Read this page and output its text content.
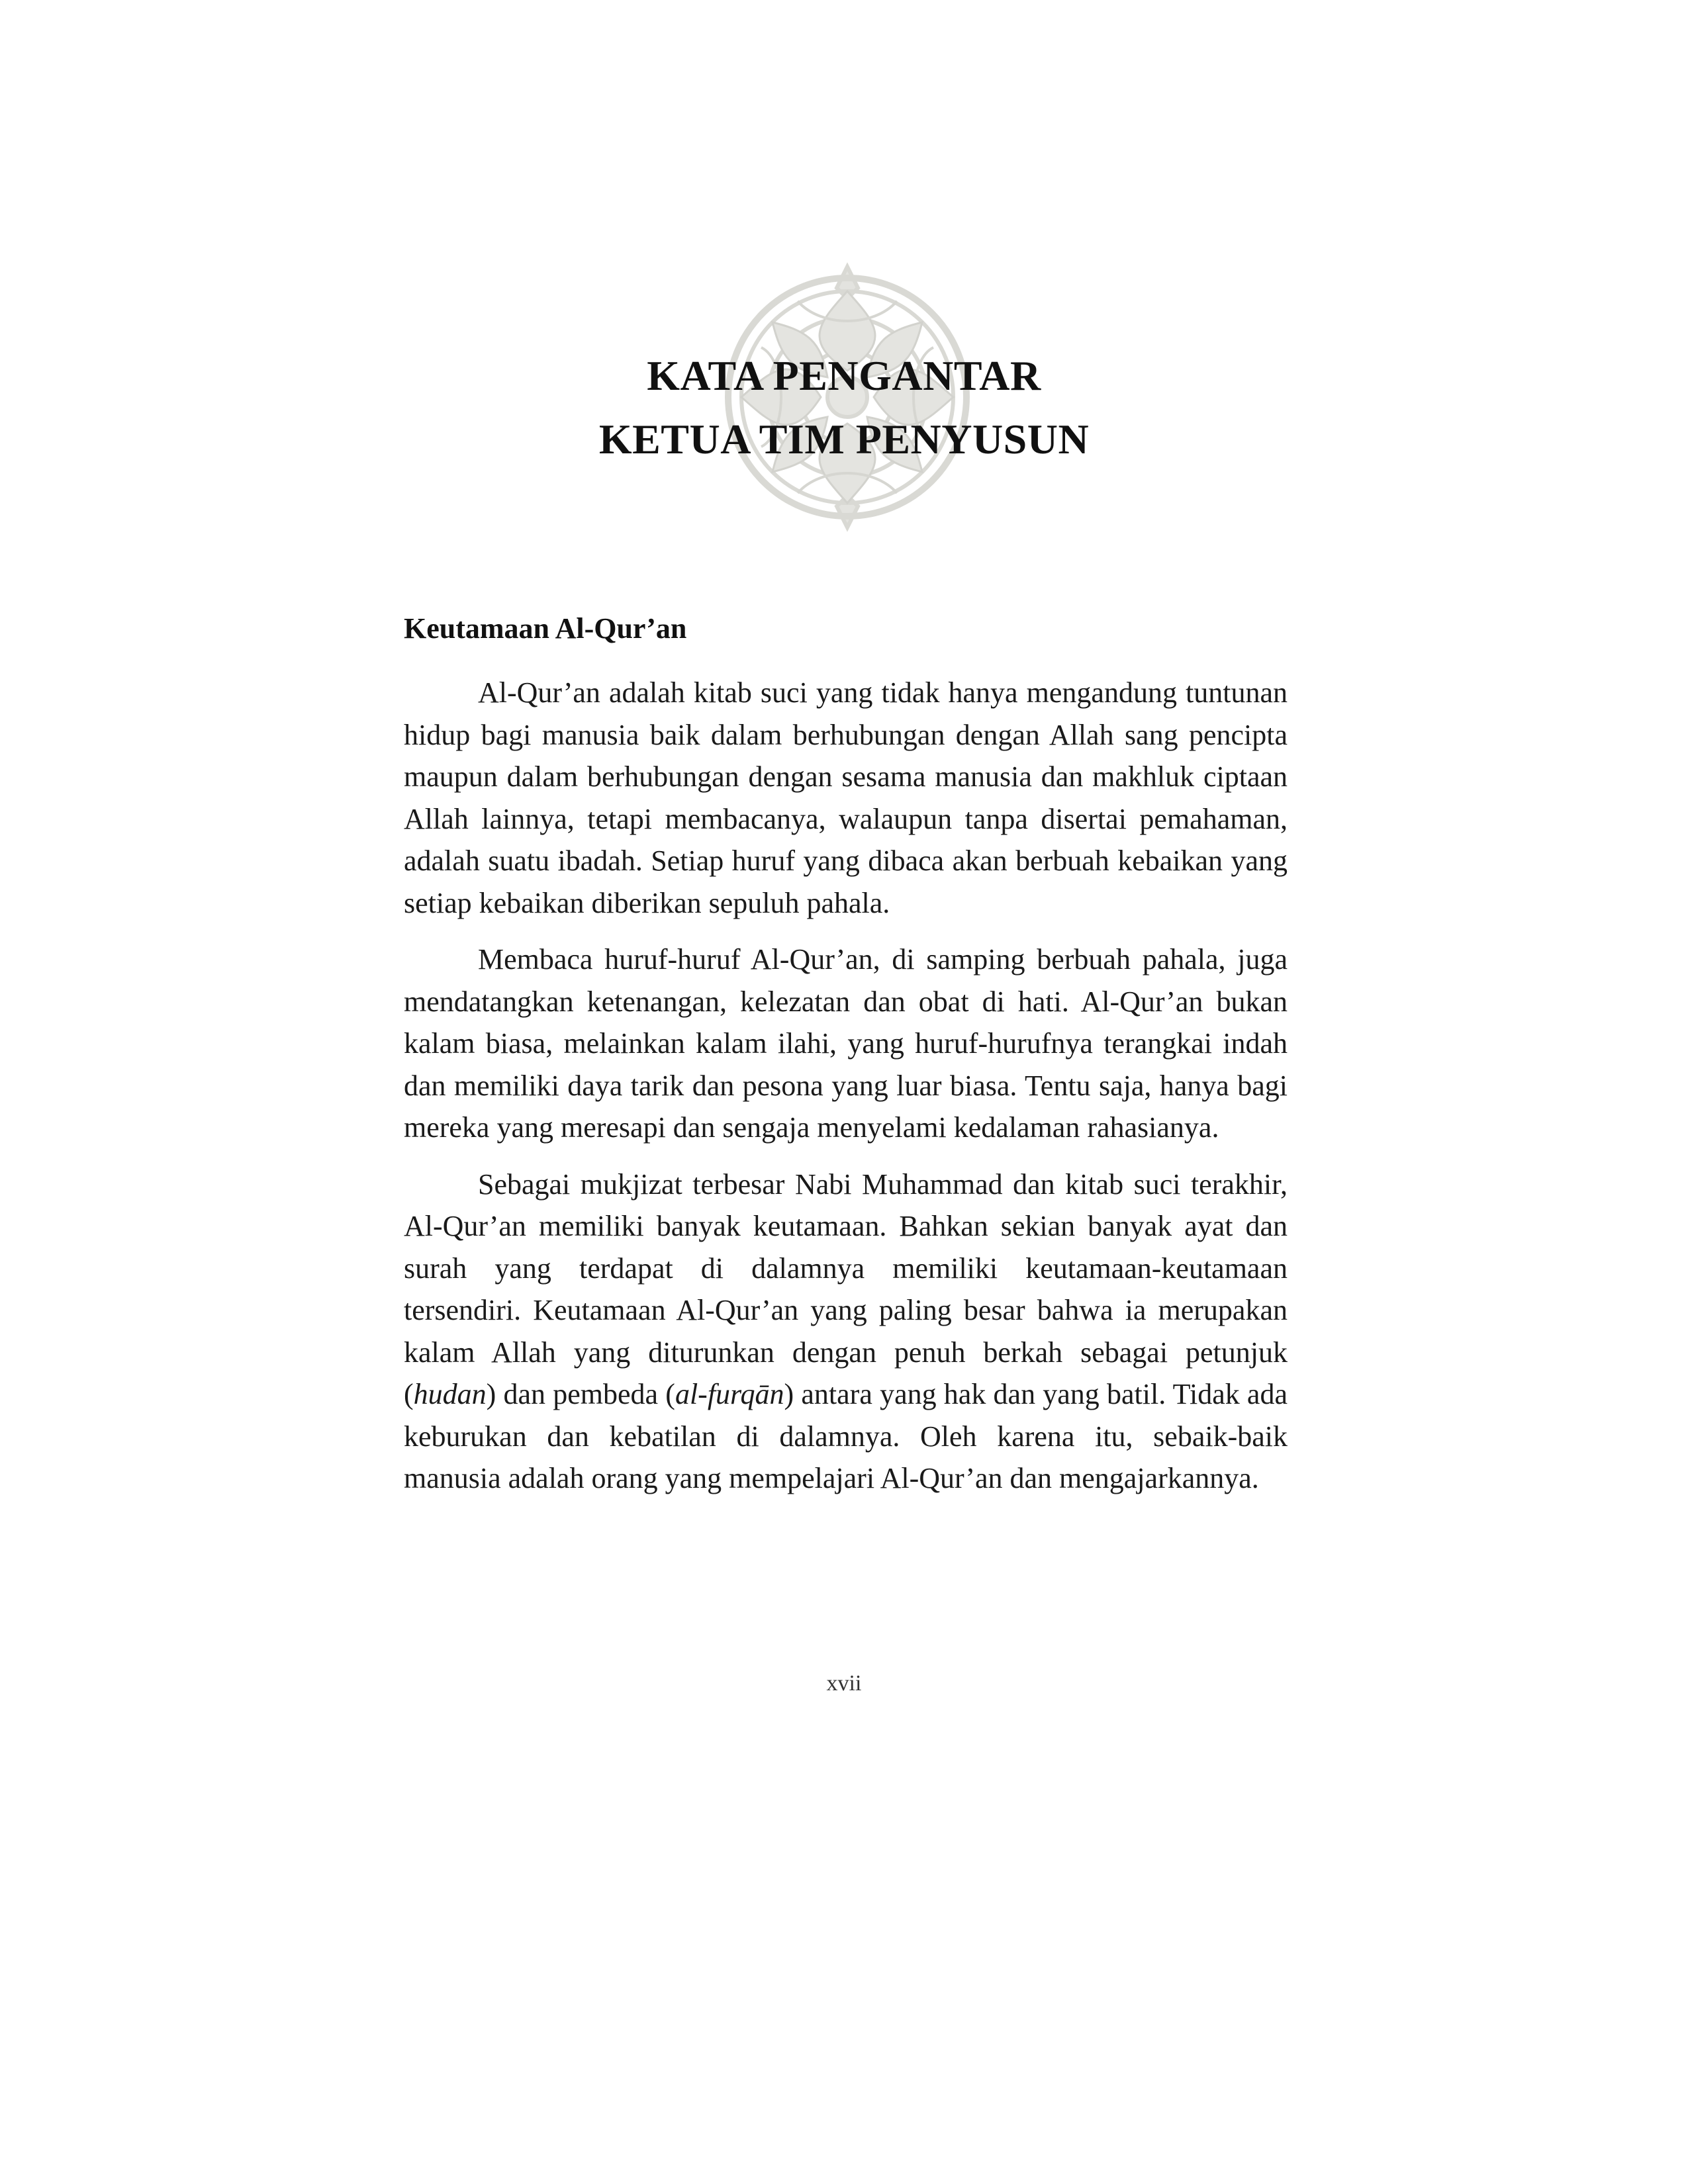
KATA PENGANTAR
KETUA TIM PENYUSUN
Keutamaan Al-Qur’an

Al-Qur’an adalah kitab suci yang tidak hanya mengandung tuntunan hidup bagi manusia baik dalam berhubungan dengan Allah sang pencipta maupun dalam berhubungan dengan sesama manusia dan makhluk ciptaan Allah lainnya, tetapi membacanya, walaupun tanpa disertai pemahaman, adalah suatu ibadah. Setiap huruf yang dibaca akan berbuah kebaikan yang setiap kebaikan diberikan sepuluh pahala.

Membaca huruf-huruf Al-Qur’an, di samping berbuah pahala, juga mendatangkan ketenangan, kelezatan dan obat di hati. Al-Qur’an bukan kalam biasa, melainkan kalam ilahi, yang huruf-hurufnya terangkai indah dan memiliki daya tarik dan pesona yang luar biasa. Tentu saja, hanya bagi mereka yang meresapi dan sengaja menyelami kedalaman rahasianya.

Sebagai mukjizat terbesar Nabi Muhammad dan kitab suci terakhir, Al-Qur’an memiliki banyak keutamaan. Bahkan sekian banyak ayat dan surah yang terdapat di dalamnya memiliki keutamaan-keutamaan tersendiri. Keutamaan Al-Qur’an yang paling besar bahwa ia merupakan kalam Allah yang diturunkan dengan penuh berkah sebagai petunjuk (hudan) dan pembeda (al-furqān) antara yang hak dan yang batil. Tidak ada keburukan dan kebatilan di dalamnya. Oleh karena itu, sebaik-baik manusia adalah orang yang mempelajari Al-Qur’an dan mengajarkannya.

xvii
